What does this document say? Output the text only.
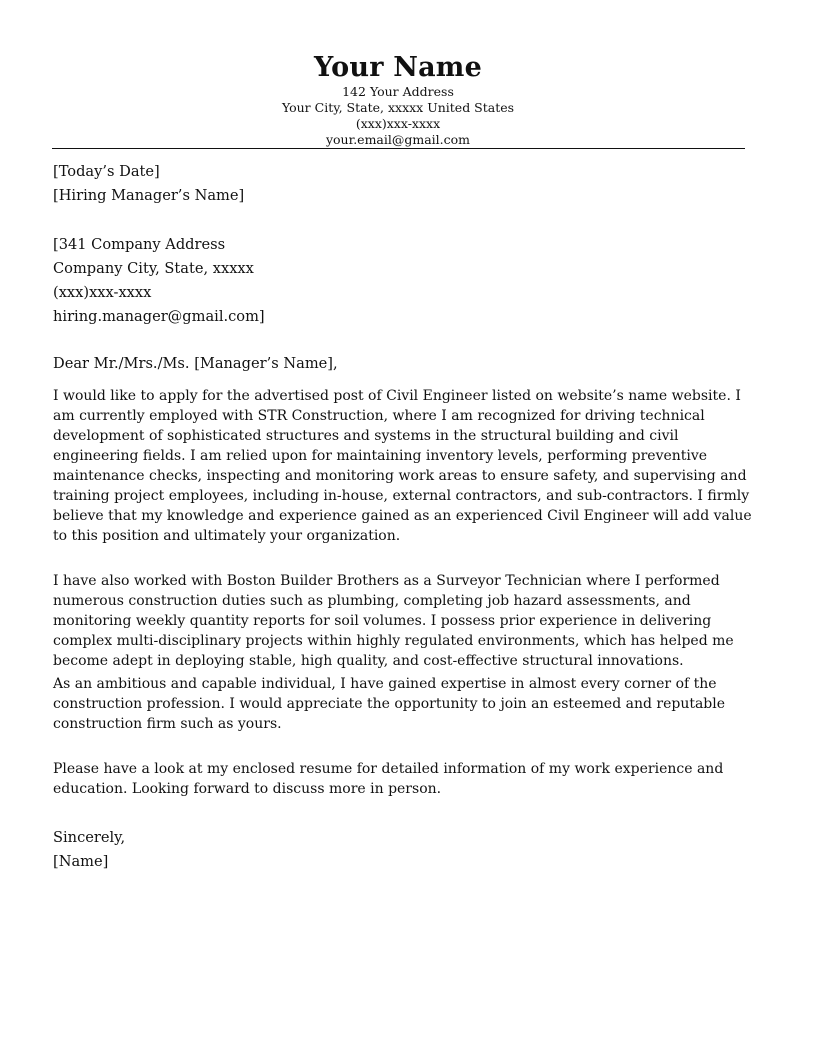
Your Name
142 Your Address
Your City, State, xxxxx United States
(xxx)xxx-xxxx
your.email@gmail.com
[Today’s Date]
[Hiring Manager’s Name]
[341 Company Address
Company City, State, xxxxx
(xxx)xxx-xxxx
hiring.manager@gmail.com]
Dear Mr./Mrs./Ms. [Manager’s Name],
I would like to apply for the advertised post of Civil Engineer listed on website’s name website. I
am currently employed with STR Construction, where I am recognized for driving technical
development of sophisticated structures and systems in the structural building and civil
engineering fields. I am relied upon for maintaining inventory levels, performing preventive
maintenance checks, inspecting and monitoring work areas to ensure safety, and supervising and
training project employees, including in-house, external contractors, and sub-contractors. I firmly
believe that my knowledge and experience gained as an experienced Civil Engineer will add value
to this position and ultimately your organization.
I have also worked with Boston Builder Brothers as a Surveyor Technician where I performed
numerous construction duties such as plumbing, completing job hazard assessments, and
monitoring weekly quantity reports for soil volumes. I possess prior experience in delivering
complex multi-disciplinary projects within highly regulated environments, which has helped me
become adept in deploying stable, high quality, and cost-effective structural innovations.
As an ambitious and capable individual, I have gained expertise in almost every corner of the
construction profession. I would appreciate the opportunity to join an esteemed and reputable
construction firm such as yours.
Please have a look at my enclosed resume for detailed information of my work experience and
education. Looking forward to discuss more in person.
Sincerely,
[Name]
